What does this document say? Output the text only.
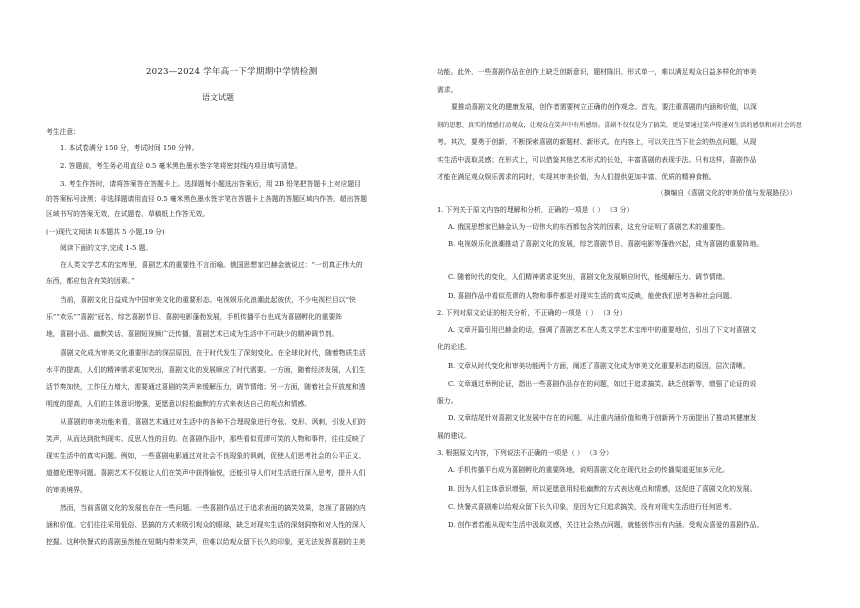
2023—2024 学年高一下学期期中学情检测
语文试题
考生注意：
1. 本试卷满分 150 分，考试时间 150 分钟。
2. 答题前，考生务必用直径 0.5 毫米黑色墨水签字笔将密封线内项目填写清楚。
3. 考生作答时，请将答案答在答题卡上。选择题每小题选出答案后，用 2B 铅笔把答题卡上对应题目
的答案标号涂黑；非选择题请用直径 0.5 毫米黑色墨水签字笔在答题卡上各题的答题区域内作答，超出答题
区域书写的答案无效，在试题卷、草稿纸上作答无效。
(一)现代文阅读 Ⅰ(本题共 5 小题,19 分)
阅读下面的文字,完成 1-5 题。
在人类文学艺术的宝库里，喜剧艺术的重要性不言而喻。俄国思想家巴赫金就说过：“一切真正伟大的
东西，都应包含有笑的因素。”
当前，喜剧文化日益成为中国审美文化的重要形态。电视娱乐化浪潮此起彼伏，不少电视栏目以“快
乐”“欢乐”“喜剧”冠名，综艺喜剧节目、喜剧电影蓬勃发展，手机传播平台也成为喜剧孵化的重要阵
地，喜剧小品、幽默笑话、喜剧短视频广泛传播，喜剧艺术已成为生活中不可缺少的精神调节剂。
喜剧文化成为审美文化重要形态的深层原因，在于时代发生了深刻变化。在全球化时代，随着物质生活
水平的提高，人们的精神需求更加突出，喜剧文化的发展顺应了时代需要。一方面，随着经济发展，人们生
活节奏加快，工作压力增大，需要通过喜剧的笑声来缓解压力，调节情绪；另一方面，随着社会开放度和透
明度的提高，人们的主体意识增强，更愿意以轻松幽默的方式来表达自己的观点和情感。
从喜剧的审美功能来看，喜剧艺术通过对生活中的各种不合理现象进行夸张、变形、讽刺，引发人们的
笑声，从而达到批判现实、反思人性的目的。在喜剧作品中，那些看似荒谬可笑的人物和事件，往往反映了
现实生活中的真实问题。例如，一些喜剧电影通过对社会不良现象的讽刺，促使人们思考社会的公平正义、
道德伦理等问题。喜剧艺术不仅能让人们在笑声中获得愉悦，还能引导人们对生活进行深入思考，提升人们
的审美境界。
然而，当前喜剧文化的发展也存在一些问题。一些喜剧作品过于追求表面的搞笑效果，忽视了喜剧的内
涵和价值。它们往往采用低俗、恶搞的方式来吸引观众的眼球，缺乏对现实生活的深刻洞察和对人性的深入
挖掘。这种快餐式的喜剧虽然能在短期内带来笑声，但难以给观众留下长久的印象，更无法发挥喜剧的主美
功能。此外，一些喜剧作品在创作上缺乏创新意识，题材陈旧、形式单一，难以满足观众日益多样化的审美
需求。
要推动喜剧文化的健康发展，创作者需要树立正确的创作观念。首先，要注重喜剧的内涵和价值，以深
刻的思想、真实的情感打动观众，让观众在笑声中有所感悟。喜剧不仅仅是为了搞笑，更是要通过笑声传递对生活的感悟和对社会的思
考。其次，要勇于创新，不断探索喜剧的新题材、新形式。在内容上，可以关注当下社会的热点问题，从现
实生活中汲取灵感；在形式上，可以借鉴其他艺术形式的长处，丰富喜剧的表现手法。只有这样，喜剧作品
才能在满足观众娱乐需求的同时，实现其审美价值，为人们提供更加丰富、优质的精神食粮。
（摘编自《喜剧文化的审美价值与发展路径》）
1. 下列关于原文内容的理解和分析，正确的一项是（ ） （3 分）
A. 俄国思想家巴赫金认为一切伟大的东西都包含笑的因素，这充分证明了喜剧艺术的重要性。
B. 电视娱乐化浪潮推动了喜剧文化的发展，综艺喜剧节目、喜剧电影等蓬勃兴起，成为喜剧的重要阵地。
C. 随着时代的变化，人们精神需求更突出，喜剧文化发展顺应时代，能缓解压力、调节情绪。
D. 喜剧作品中看似荒谬的人物和事件都是对现实生活的真实反映，能使我们思考各种社会问题。
2. 下列对原文论证的相关分析，不正确的一项是（ ） （3 分）
A. 文章开篇引用巴赫金的话，强调了喜剧艺术在人类文学艺术宝库中的重要地位，引出了下文对喜剧文
化的论述。
B. 文章从时代变化和审美功能两个方面，阐述了喜剧文化成为审美文化重要形态的原因，层次清晰。
C. 文章通过举例论证，指出一些喜剧作品存在的问题，如过于追求搞笑、缺乏创新等，增强了论证的说
服力。
D. 文章结尾针对喜剧文化发展中存在的问题，从注重内涵价值和勇于创新两个方面提出了推动其健康发
展的建议。
3. 根据原文内容，下列说法不正确的一项是（ ） （3 分）
A. 手机传播平台成为喜剧孵化的重要阵地，说明喜剧文化在现代社会的传播渠道更加多元化。
B. 因为人们主体意识增强，所以更愿意用轻松幽默的方式表达观点和情感，这促进了喜剧文化的发展。
C. 快餐式喜剧难以给观众留下长久印象，是因为它只追求搞笑，没有对现实生活进行任何思考。
D. 创作者若能从现实生活中汲取灵感，关注社会热点问题，就能创作出有内涵、受观众喜爱的喜剧作品。
